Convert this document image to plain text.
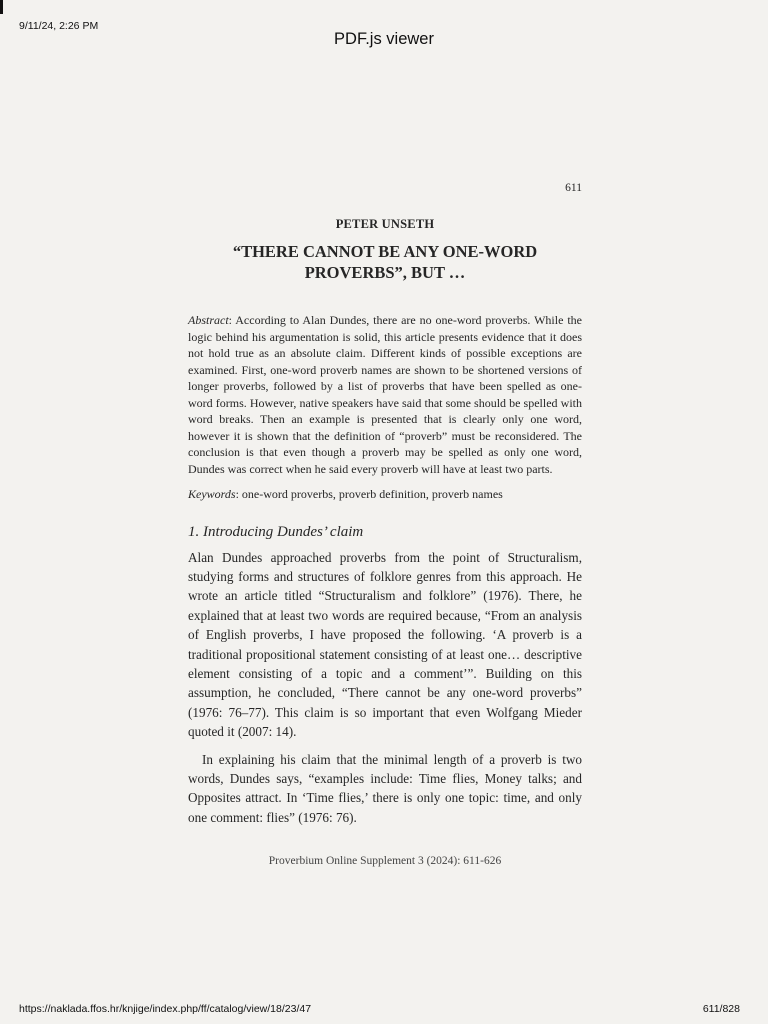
9/11/24, 2:26 PM
PDF.js viewer

611

PETER UNSETH

“THERE CANNOT BE ANY ONE-WORD PROVERBS”, BUT …

Abstract: According to Alan Dundes, there are no one-word proverbs. While the logic behind his argumentation is solid, this article presents evidence that it does not hold true as an absolute claim. Different kinds of possible exceptions are examined. First, one-word proverb names are shown to be shortened versions of longer proverbs, followed by a list of proverbs that have been spelled as one-word forms. However, native speakers have said that some should be spelled with word breaks. Then an example is presented that is clearly only one word, however it is shown that the definition of “proverb” must be reconsidered. The conclusion is that even though a proverb may be spelled as only one word, Dundes was correct when he said every proverb will have at least two parts.

Keywords: one-word proverbs, proverb definition, proverb names

1. Introducing Dundes’ claim

Alan Dundes approached proverbs from the point of Structuralism, studying forms and structures of folklore genres from this approach. He wrote an article titled “Structuralism and folklore” (1976). There, he explained that at least two words are required because, “From an analysis of English proverbs, I have proposed the following. ‘A proverb is a traditional propositional statement consisting of at least one… descriptive element consisting of a topic and a comment’”. Building on this assumption, he concluded, “There cannot be any one-word proverbs” (1976: 76–77). This claim is so important that even Wolfgang Mieder quoted it (2007: 14).

In explaining his claim that the minimal length of a proverb is two words, Dundes says, “examples include: Time flies, Money talks; and Opposites attract. In ‘Time flies,’ there is only one topic: time, and only one comment: flies” (1976: 76).

Proverbium Online Supplement 3 (2024): 611-626

https://naklada.ffos.hr/knjige/index.php/ff/catalog/view/18/23/47	611/828
